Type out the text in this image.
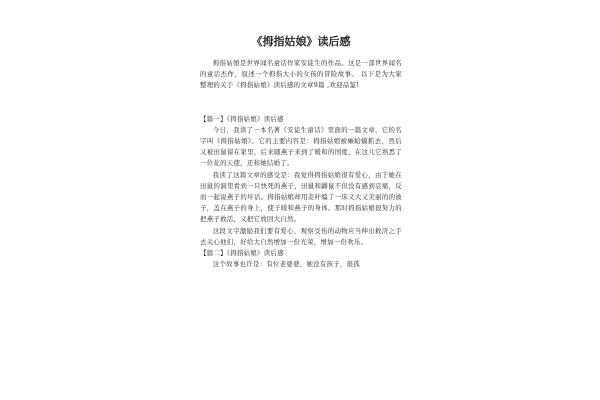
《拇指姑娘》读后感

拇指姑娘是世界闻名童话作家安徒生的作品。这是一部世界闻名的童话杰作，叙述一个拇指大小的女孩的冒险故事。 以下是为大家整理的关于《拇指姑娘》读后感的文章9篇 ,欢迎品鉴!

【篇一】《拇指姑娘》读后感

今日，我读了一本名著《安徒生童话》里面的一篇文章，它的名字叫《拇指姑娘》。它的主要内容是：拇指姑娘被癞蛤蟆抓去，然后又被田鼠留在家里，后来随燕子来到了暖和的国度，在这儿它熟悉了一位花的天使，还和她结婚了。

我读了这篇文章的感受是：我觉得拇指姑娘很有爱心，由于她在田鼠的洞里看到一只快死的燕子，田鼠和鼹鼠不但没有感到哀痛，反而一起说燕子的坏话。拇指姑娘却用麦秆编了一床又大又美丽的的被子，盖在燕子的身上，使子暖和燕子的身体。那时拇指姑娘很努力的把燕子救活，又把它放回大自然。

这段文字激励我们要有爱心，观察受伤的动物应当伸出救济之手去关心他们，好给大自然增加一份光荣，增加一份欢乐。

【篇二】《拇指姑娘》读后感

这个故事也许是：有位老婆婆，她没有孩子，很孤
